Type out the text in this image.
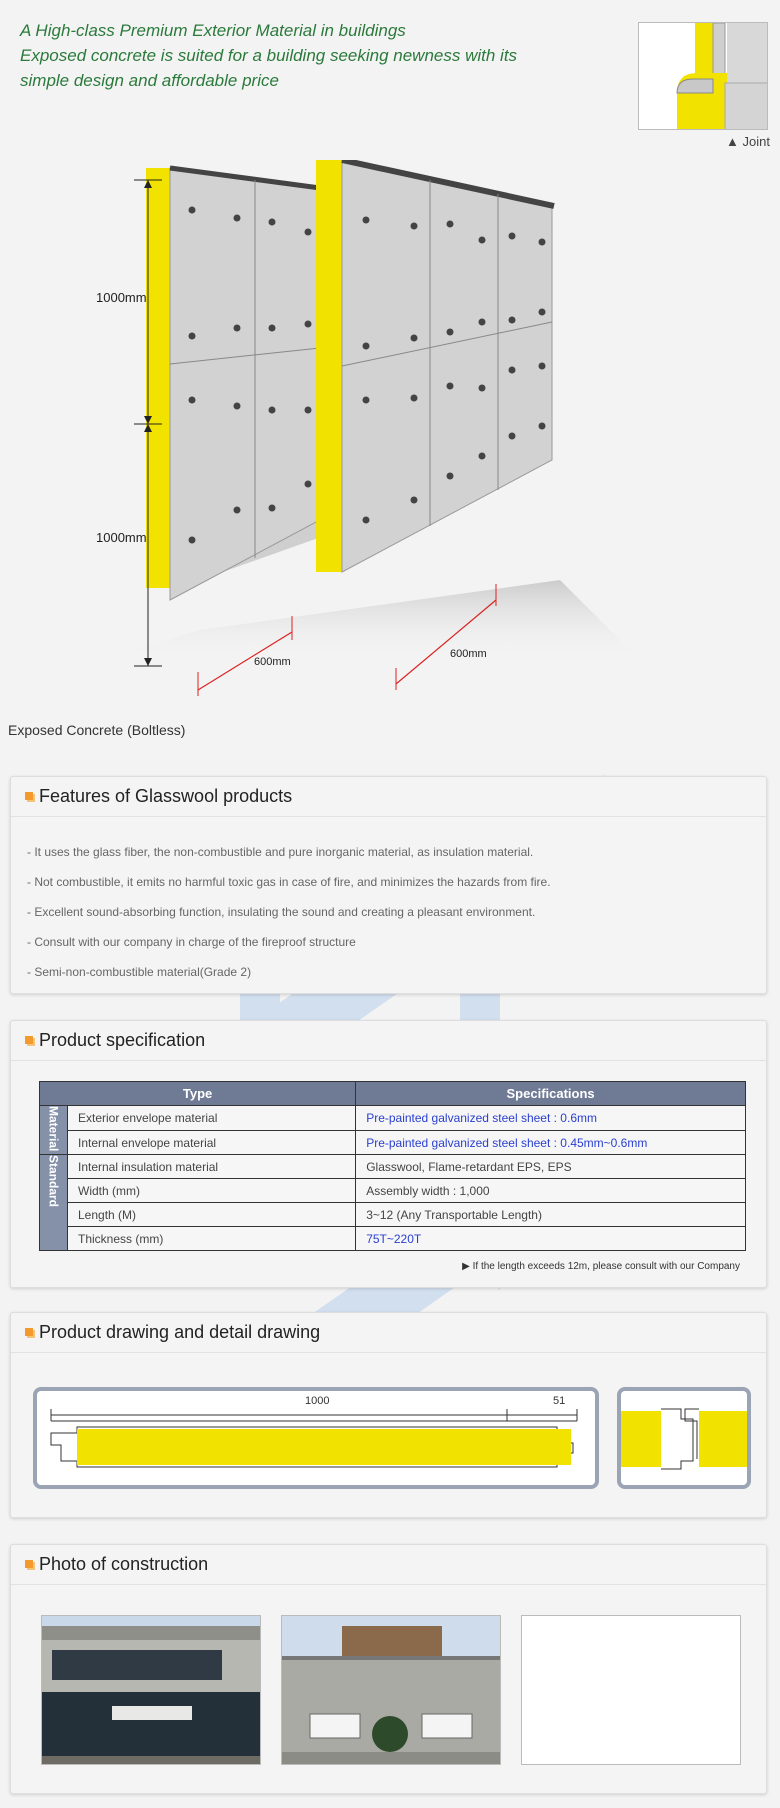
A High-class Premium Exterior Material in buildings
Exposed concrete is suited for a building seeking newness with its
simple design and affordable price
▲ Joint
1000mm
1000mm
600mm
600mm
Exposed Concrete (Boltless)
Features of Glasswool products
- It uses the glass fiber, the non-combustible and pure inorganic material, as insulation material.
- Not combustible, it emits no harmful toxic gas in case of fire, and minimizes the hazards from fire.
- Excellent sound-absorbing function, insulating the sound and creating a pleasant environment.
- Consult with our company in charge of the fireproof structure
- Semi-non-combustible material(Grade 2)
Product specification
Type		Specifications
Material	Exterior envelope material	Pre-painted galvanized steel sheet : 0.6mm
	Internal envelope material	Pre-painted galvanized steel sheet : 0.45mm~0.6mm
Standard	Internal insulation material	Glasswool, Flame-retardant EPS, EPS
	Width (mm)	Assembly width : 1,000
	Length (M)	3~12 (Any Transportable Length)
	Thickness (mm)	75T~220T
▶ If the length exceeds 12m, please consult with our Company
Product drawing and detail drawing
1000	51
Photo of construction
